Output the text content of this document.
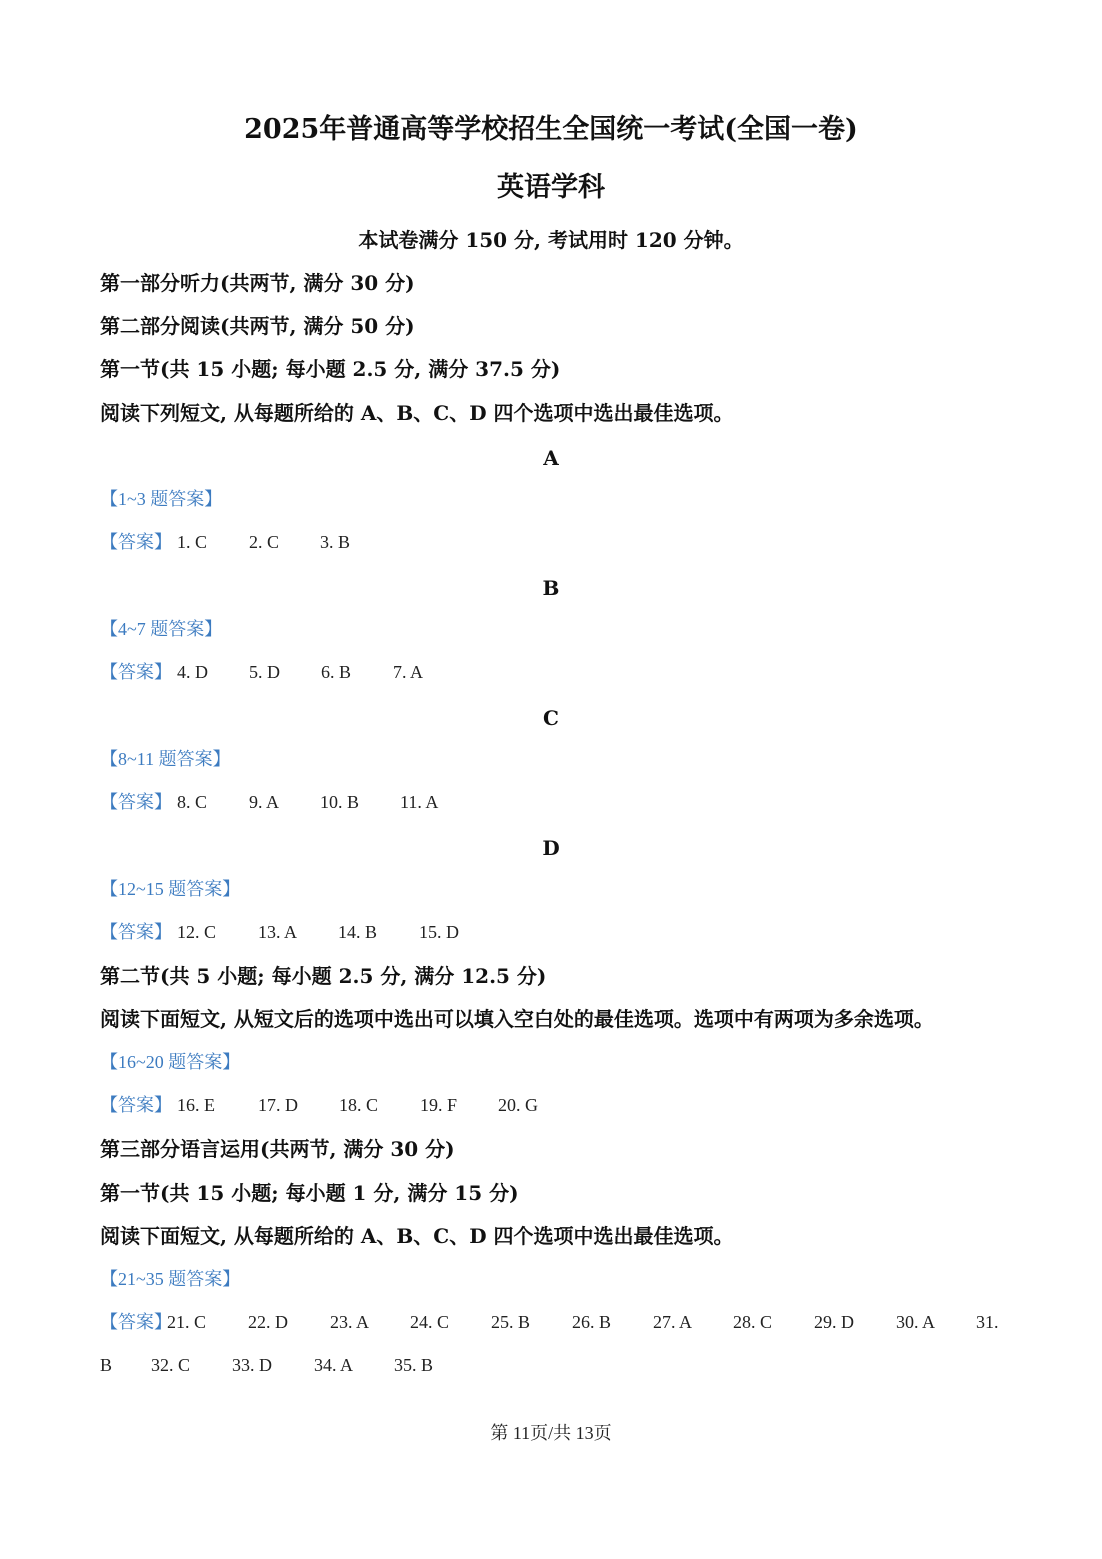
2025年普通高等学校招生全国统一考试(全国一卷)
英语学科
本试卷满分 150 分, 考试用时 120 分钟。
第一部分听力(共两节, 满分 30 分)
第二部分阅读(共两节, 满分 50 分)
第一节(共 15 小题; 每小题 2.5 分, 满分 37.5 分)
阅读下列短文, 从每题所给的 A、B、C、D 四个选项中选出最佳选项。
A
【1~3 题答案】
【答案】 1. C 2. C 3. B
B
【4~7 题答案】
【答案】 4. D 5. D 6. B 7. A
C
【8~11 题答案】
【答案】 8. C 9. A 10. B 11. A
D
【12~15 题答案】
【答案】 12. C 13. A 14. B 15. D
第二节(共 5 小题; 每小题 2.5 分, 满分 12.5 分)
阅读下面短文, 从短文后的选项中选出可以填入空白处的最佳选项。选项中有两项为多余选项。
【16~20 题答案】
【答案】 16. E 17. D 18. C 19. F 20. G
第三部分语言运用(共两节, 满分 30 分)
第一节(共 15 小题; 每小题 1 分, 满分 15 分)
阅读下面短文, 从每题所给的 A、B、C、D 四个选项中选出最佳选项。
【21~35 题答案】
【答案】
21. C 22. D 23. A 24. C 25. B 26. B 27. A 28. C 29. D 30. A 31.
B 32. C 33. D 34. A 35. B
第 11页/共 13页
